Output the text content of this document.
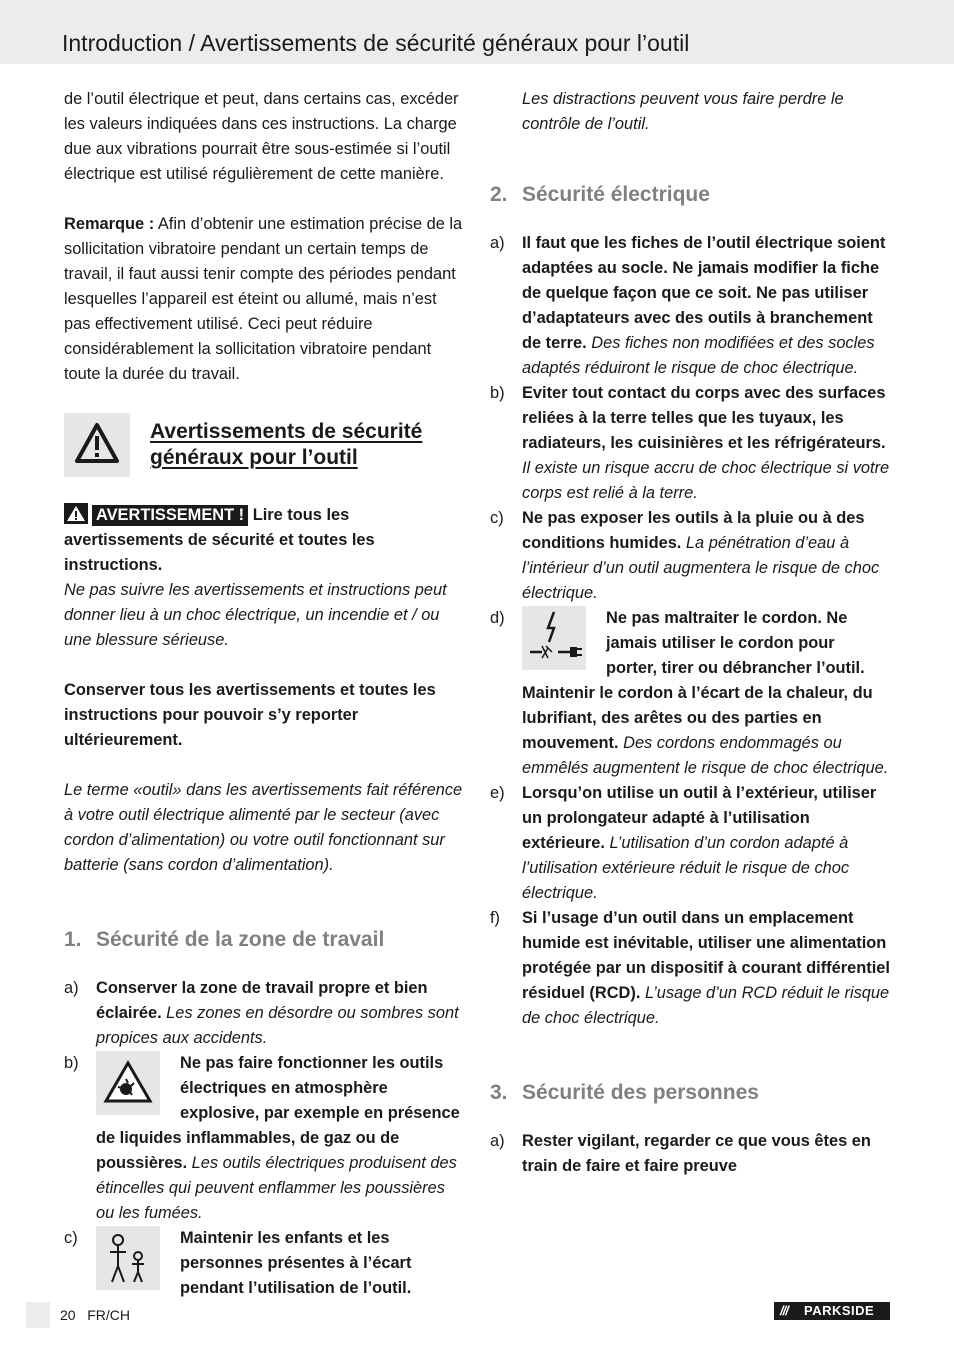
Introduction / Avertissements de sécurité généraux pour l’outil

de l’outil électrique et peut, dans certains cas, excéder les valeurs indiquées dans ces instructions. La charge due aux vibrations pourrait être sous-estimée si l’outil électrique est utilisé régulièrement de cette manière.

Remarque : Afin d’obtenir une estimation précise de la sollicitation vibratoire pendant un certain temps de travail, il faut aussi tenir compte des périodes pendant lesquelles l’appareil est éteint ou allumé, mais n’est pas effectivement utilisé. Ceci peut réduire considérablement la sollicitation vibratoire pendant toute la durée du travail.

Avertissements de sécurité généraux pour l’outil

AVERTISSEMENT ! Lire tous les avertissements de sécurité et toutes les instructions.

Ne pas suivre les avertissements et instructions peut donner lieu à un choc électrique, un incendie et / ou une blessure sérieuse.

Conserver tous les avertissements et toutes les instructions pour pouvoir s’y reporter ultérieurement.

Le terme «outil» dans les avertissements fait référence à votre outil électrique alimenté par le secteur (avec cordon d’alimentation) ou votre outil fonctionnant sur batterie (sans cordon d’alimentation).

1. Sécurité de la zone de travail
a) Conserver la zone de travail propre et bien éclairée. Les zones en désordre ou sombres sont propices aux accidents.

b)	Ne pas faire fonctionner les outils électriques en atmosphère explosive, par exemple en présence de liquides inflammables, de gaz ou de poussières. Les outils électriques produisent des étincelles qui peuvent enflammer les poussières ou les fumées.

c)	Maintenir les enfants et les personnes présentes à l’écart pendant l’utilisation de l’outil.

Les distractions peuvent vous faire perdre le contrôle de l’outil.

2. Sécurité électrique
a) Il faut que les fiches de l’outil électrique soient adaptées au socle. Ne jamais modifier la fiche de quelque façon que ce soit. Ne pas utiliser d’adaptateurs avec des outils à branchement de terre. Des fiches non modifiées et des socles adaptés réduiront le risque de choc électrique.

b) Eviter tout contact du corps avec des surfaces reliées à la terre telles que les tuyaux, les radiateurs, les cuisinières et les réfrigérateurs. Il existe un risque accru de choc électrique si votre corps est relié à la terre.

c) Ne pas exposer les outils à la pluie ou à des conditions humides. La pénétration d’eau à l’intérieur d’un outil augmentera le risque de choc électrique.

d)	Ne pas maltraiter le cordon. Ne jamais utiliser le cordon pour porter, tirer ou débrancher l’outil. Maintenir le cordon à l’écart de la chaleur, du lubrifiant, des arêtes ou des parties en mouvement. Des cordons endommagés ou emmêlés augmentent le risque de choc électrique.

e) Lorsqu’on utilise un outil à l’extérieur, utiliser un prolongateur adapté à l’utilisation extérieure. L’utilisation d’un cordon adapté à l’utilisation extérieure réduit le risque de choc électrique.

f) Si l’usage d’un outil dans un emplacement humide est inévitable, utiliser une alimentation protégée par un dispositif à courant différentiel résiduel (RCD). L’usage d’un RCD réduit le risque de choc électrique.

3. Sécurité des personnes
a) Rester vigilant, regarder ce que vous êtes en train de faire et faire preuve

20 FR/CH	/// PARKSIDE
